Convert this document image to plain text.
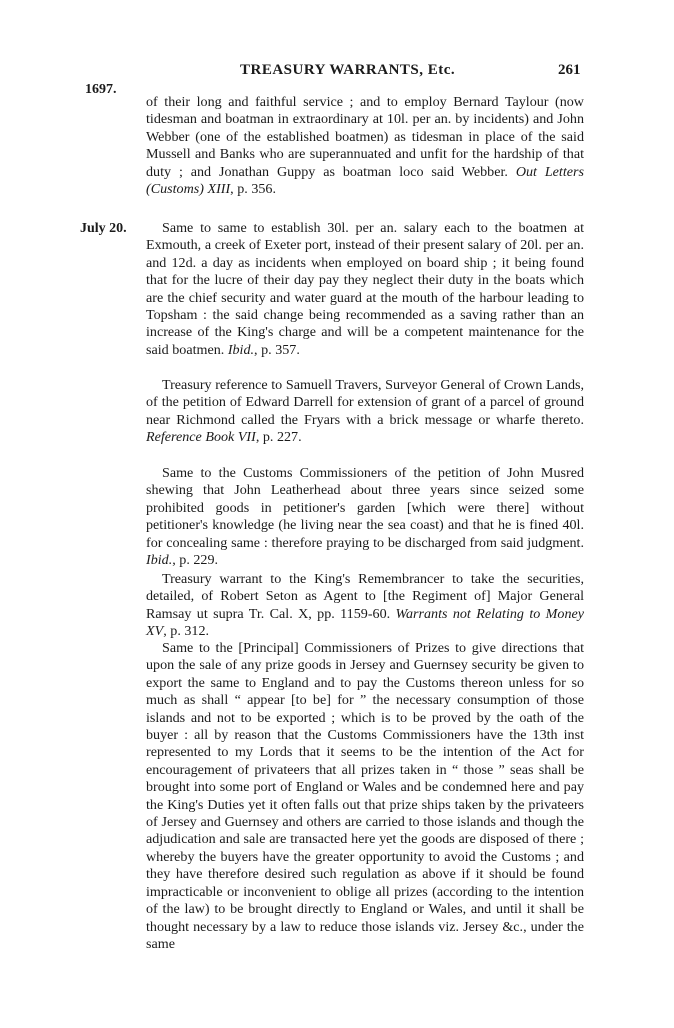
1697.
TREASURY WARRANTS, Etc.	261

of their long and faithful service ; and to employ Bernard Taylour (now tidesman and boatman in extraordinary at 10l. per an. by incidents) and John Webber (one of the established boatmen) as tidesman in place of the said Mussell and Banks who are superannuated and unfit for the hardship of that duty ; and Jonathan Guppy as boatman loco said Webber. Out Letters (Customs) XIII, p. 356.

July 20.	Same to same to establish 30l. per an. salary each to the boatmen at Exmouth, a creek of Exeter port, instead of their present salary of 20l. per an. and 12d. a day as incidents when employed on board ship ; it being found that for the lucre of their day pay they neglect their duty in the boats which are the chief security and water guard at the mouth of the harbour leading to Topsham : the said change being recommended as a saving rather than an increase of the King's charge and will be a competent maintenance for the said boatmen. Ibid., p. 357.

Treasury reference to Samuell Travers, Surveyor General of Crown Lands, of the petition of Edward Darrell for extension of grant of a parcel of ground near Richmond called the Fryars with a brick message or wharfe thereto. Reference Book VII, p. 227.

Same to the Customs Commissioners of the petition of John Musred shewing that John Leatherhead about three years since seized some prohibited goods in petitioner's garden [which were there] without petitioner's knowledge (he living near the sea coast) and that he is fined 40l. for concealing same : therefore praying to be discharged from said judgment. Ibid., p. 229.

Treasury warrant to the King's Remembrancer to take the securities, detailed, of Robert Seton as Agent to [the Regiment of] Major General Ramsay ut supra Tr. Cal. X, pp. 1159-60. Warrants not Relating to Money XV, p. 312.

Same to the [Principal] Commissioners of Prizes to give directions that upon the sale of any prize goods in Jersey and Guernsey security be given to export the same to England and to pay the Customs thereon unless for so much as shall “ appear [to be] for ” the necessary consumption of those islands and not to be exported ; which is to be proved by the oath of the buyer : all by reason that the Customs Commissioners have the 13th inst represented to my Lords that it seems to be the intention of the Act for encouragement of privateers that all prizes taken in “ those ” seas shall be brought into some port of England or Wales and be condemned here and pay the King's Duties yet it often falls out that prize ships taken by the privateers of Jersey and Guernsey and others are carried to those islands and though the adjudication and sale are transacted here yet the goods are disposed of there ; whereby the buyers have the greater opportunity to avoid the Customs ; and they have therefore desired such regulation as above if it should be found impracticable or inconvenient to oblige all prizes (according to the intention of the law) to be brought directly to England or Wales, and until it shall be thought necessary by a law to reduce those islands viz. Jersey &c., under the same
